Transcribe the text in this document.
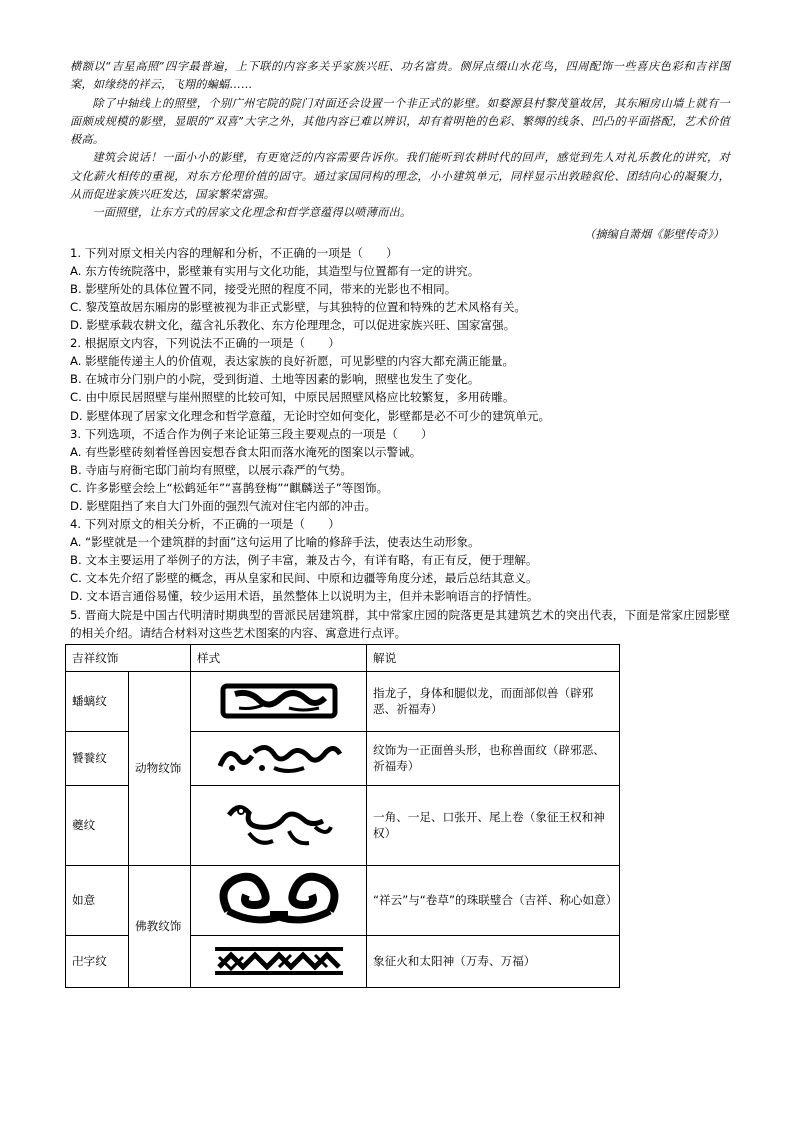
横额以“吉星高照”四字最普遍，上下联的内容多关乎家族兴旺、功名富贵。侧屏点缀山水花鸟，四周配饰一些喜庆色彩和吉祥图案，如缘绕的祥云，飞翔的蝙蝠……

除了中轴线上的照壁，个别广州宅院的院门对面还会设置一个非正式的影壁。如婺源县村黎茂篁故居，其东厢房山墙上就有一面颇成规模的影壁，显眼的“双喜”大字之外，其他内容已难以辨识，却有着明艳的色彩、繁缛的线条、凹凸的平面搭配，艺术价值极高。

建筑会说话！一面小小的影壁，有更宽泛的内容需要告诉你。我们能听到农耕时代的回声，感觉到先人对礼乐教化的讲究，对文化薪火相传的重视，对东方伦理价值的固守。通过家国同构的理念，小小建筑单元，同样显示出敦睦叙伦、团结向心的凝聚力，从而促进家族兴旺发达，国家繁荣富强。

一面照壁，让东方式的居家文化理念和哲学意蕴得以喷薄而出。

（摘编自萧烟《影壁传奇》）

1. 下列对原文相关内容的理解和分析，不正确的一项是（　　）

A. 东方传统院落中，影壁兼有实用与文化功能，其造型与位置都有一定的讲究。

B. 影壁所处的具体位置不同，接受光照的程度不同，带来的光影也不相同。

C. 黎茂篁故居东厢房的影壁被视为非正式影壁，与其独特的位置和特殊的艺术风格有关。

D. 影壁承载农耕文化，蕴含礼乐教化、东方伦理理念，可以促进家族兴旺、国家富强。

2. 根据原文内容，下列说法不正确的一项是（　　）

A. 影壁能传递主人的价值观，表达家族的良好祈愿，可见影壁的内容大都充满正能量。

B. 在城市分门别户的小院，受到街道、土地等因素的影响，照壁也发生了变化。

C. 由中原民居照壁与崖州照壁的比较可知，中原民居照壁风格应比较繁复，多用砖雕。

D. 影壁体现了居家文化理念和哲学意蕴，无论时空如何变化，影壁都是必不可少的建筑单元。

3. 下列选项，不适合作为例子来论证第三段主要观点的一项是（　　）

A. 有些影壁砖刻着怪兽因妄想吞食太阳而落水淹死的图案以示警诫。

B. 寺庙与府衙宅邸门前均有照壁，以展示森严的气势。

C. 许多影壁会绘上“松鹤延年”“喜鹊登梅”“麒麟送子”等图饰。

D. 影壁阻挡了来自大门外面的强烈气流对住宅内部的冲击。

4. 下列对原文的相关分析，不正确的一项是（　　）

A. “影壁就是一个建筑群的封面”这句运用了比喻的修辞手法，使表达生动形象。

B. 文本主要运用了举例子的方法，例子丰富，兼及古今，有详有略，有正有反，便于理解。

C. 文本先介绍了影壁的概念，再从皇家和民间、中原和边疆等角度分述，最后总结其意义。

D. 文本语言通俗易懂，较少运用术语，虽然整体上以说明为主，但并未影响语言的抒情性。

5. 晋商大院是中国古代明清时期典型的晋派民居建筑群，其中常家庄园的院落更是其建筑艺术的突出代表，下面是常家庄园影壁的相关介绍。请结合材料对这些艺术图案的内容、寓意进行点评。

吉祥纹饰		样式	解说
蟠螭纹	动物纹饰		指龙子，身体和腿似龙，而面部似兽（辟邪恶、祈福寿）
饕餮纹			纹饰为一正面兽头形，也称兽面纹（辟邪恶、祈福寿）
夔纹			一角、一足、口张开、尾上卷（象征王权和神权）
如意	佛教纹饰		“祥云”与“卷草”的珠联璧合（吉祥、称心如意）
卍字纹			象征火和太阳神（万寿、万福）
